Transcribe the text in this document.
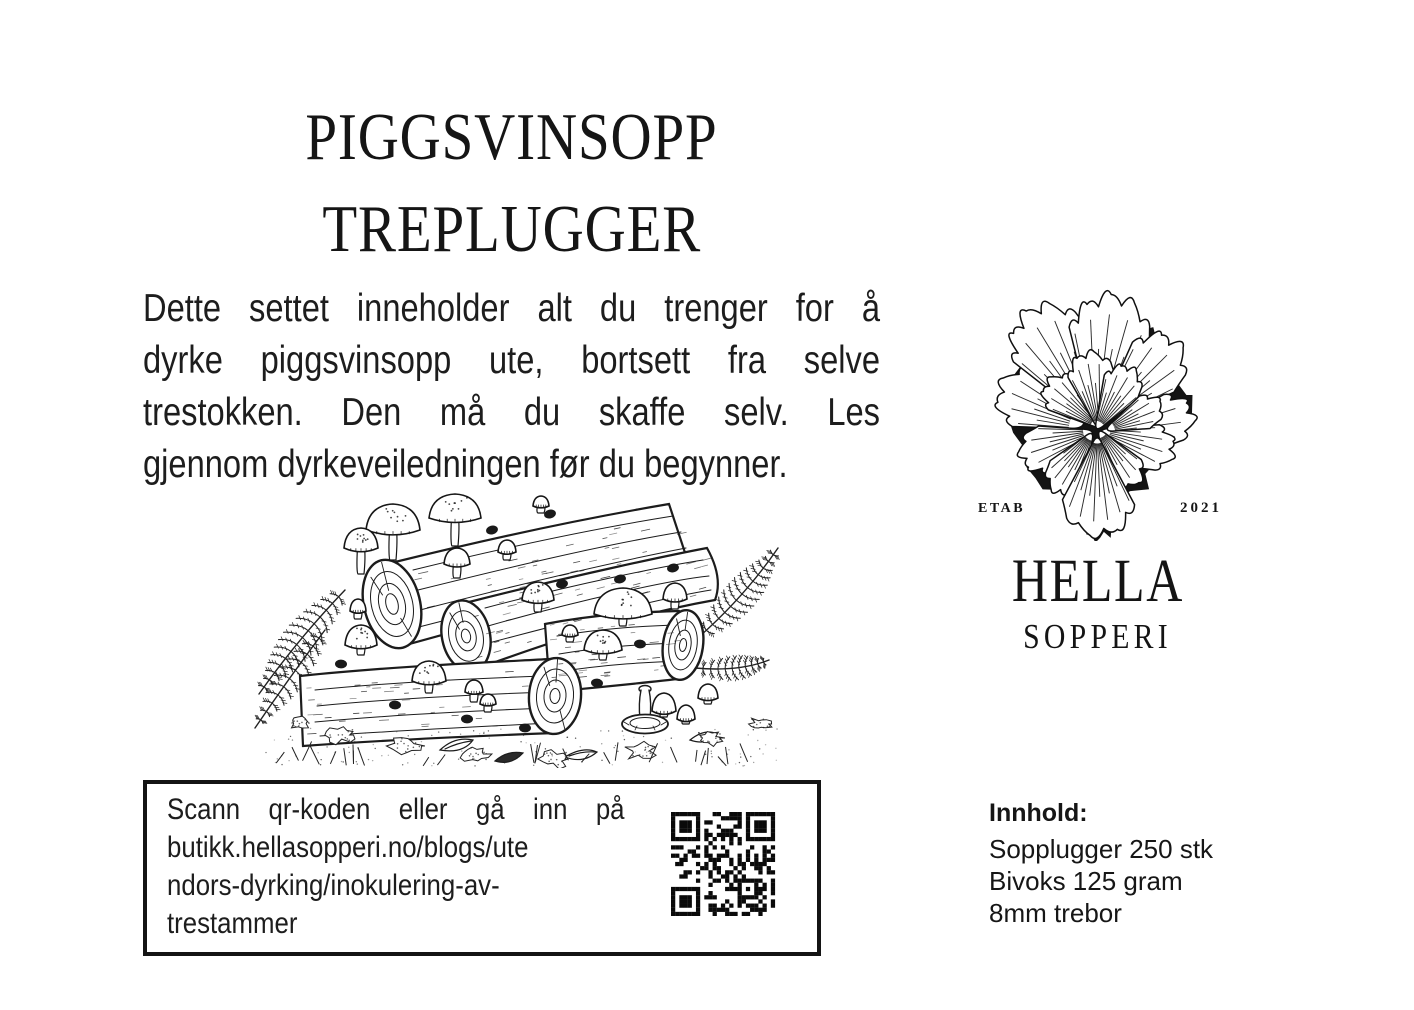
PIGGSVINSOPP
TREPLUGGER
Dette settet inneholder alt du trenger for å
dyrke piggsvinsopp ute, bortsett fra selve
trestokken. Den må du skaffe selv. Les
gjennom dyrkeveiledningen før du begynner.
Scann qr-koden eller gå inn på
butikk.hellasopperi.no/blogs/ute
ndors-dyrking/inokulering-av-
trestammer
ETAB	2021
HELLA
SOPPERI
Innhold:
Sopplugger 250 stk
Bivoks 125 gram
8mm trebor
